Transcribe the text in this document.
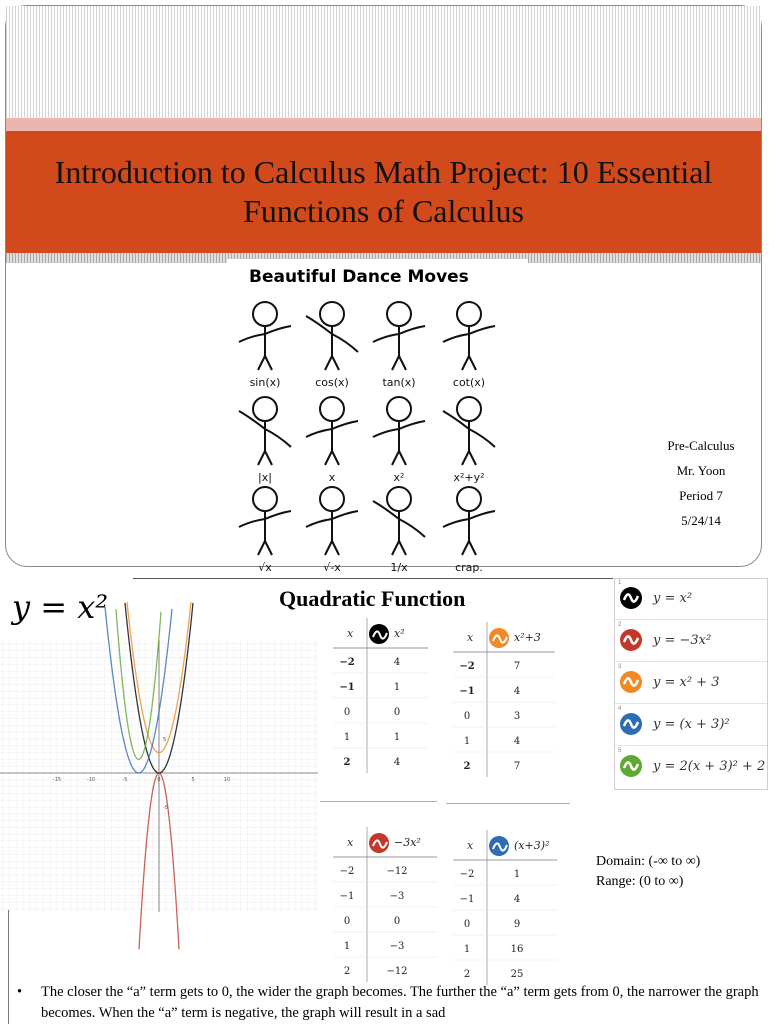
Introduction to Calculus Math Project: 10 Essential Functions of Calculus
Beautiful Dance Moves
sin(x)	cos(x)	tan(x)	cot(x)
|x|	x	x²	x²+y²
√x	√-x	1/x	crap.
Pre-Calculus
Mr. Yoon
Period 7
5/24/14
y = x²	Quadratic Function
-15	-10	-5	0	5	10
5
-5
x	x²
−2	4
−1	1
0	0
1	1
2	4
x	x²+3
−2	7
−1	4
0	3
1	4
2	7
x	−3x²
−2	−12
−1	−3
0	0
1	−3
2	−12
x	(x+3)²
−2	1
−1	4
0	9
1	16
2	25
1
y = x²
2
y = −3x²
3
y = x² + 3
4
y = (x + 3)²
5
y = 2(x + 3)² + 2
Domain: (-∞ to ∞)
Range: (0 to ∞)
• The closer the “a” term gets to 0, the wider the graph becomes. The further the “a” term gets from 0, the narrower the graph becomes. When the “a” term is negative, the graph will result in a sad
